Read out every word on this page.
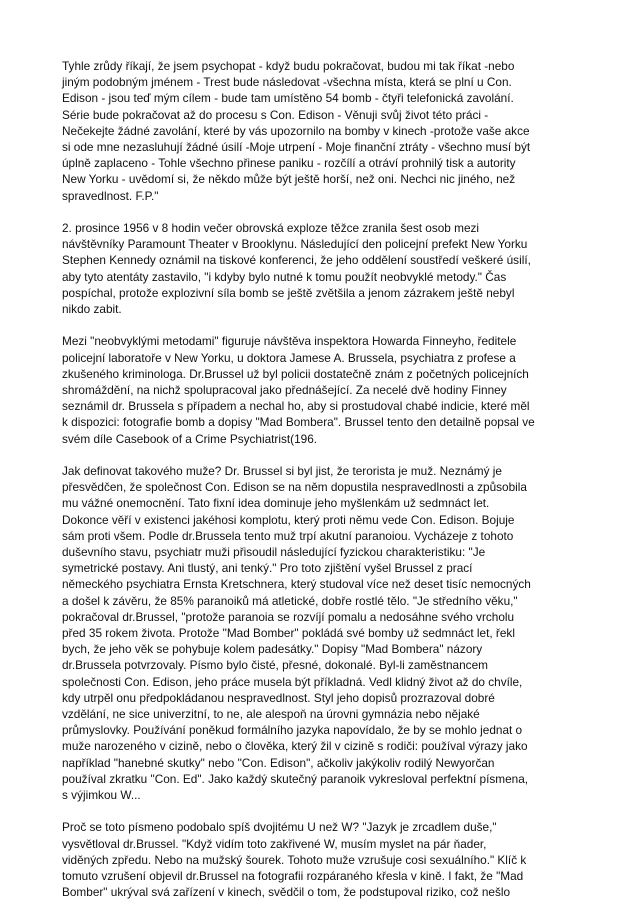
Tyhle zrůdy říkají, že jsem psychopat - když budu pokračovat, budou mi tak říkat -nebo
jiným podobným jménem - Trest bude následovat -všechna místa, která se plní u Con.
Edison - jsou teď mým cílem - bude tam umístěno 54 bomb - čtyři telefonická zavolání.
Série bude pokračovat až do procesu s Con. Edison - Věnuji svůj život této práci -
Nečekejte žádné zavolání, které by vás upozornilo na bomby v kinech -protože vaše akce
si ode mne nezasluhují žádné úsilí -Moje utrpení - Moje finanční ztráty - všechno musí být
úplně zaplaceno - Tohle všechno přinese paniku - rozčílí a otráví prohnilý tisk a autority
New Yorku - uvědomí si, že někdo může být ještě horší, než oni. Nechci nic jiného, než
spravedlnost. F.P."
2. prosince 1956 v 8 hodin večer obrovská exploze těžce zranila šest osob mezi
návštěvníky Paramount Theater v Brooklynu. Následující den policejní prefekt New Yorku
Stephen Kennedy oznámil na tiskové konferenci, že jeho oddělení soustředí veškeré úsilí,
aby tyto atentáty zastavilo, "i kdyby bylo nutné k tomu použít neobvyklé metody." Čas
pospíchal, protože explozivní síla bomb se ještě zvětšila a jenom zázrakem ještě nebyl
nikdo zabit.
Mezi "neobvyklými metodami" figuruje návštěva inspektora Howarda Finneyho, ředitele
policejní laboratoře v New Yorku, u doktora Jamese A. Brussela, psychiatra z profese a
zkušeného kriminologa. Dr.Brussel už byl policii dostatečně znám z početných policejních
shromáždění, na nichž spolupracoval jako přednášející. Za necelé dvě hodiny Finney
seznámil dr. Brussela s případem a nechal ho, aby si prostudoval chabé indicie, které měl
k dispozici: fotografie bomb a dopisy "Mad Bombera". Brussel tento den detailně popsal ve
svém díle Casebook of a Crime Psychiatrist(196.
Jak definovat takového muže? Dr. Brussel si byl jist, že terorista je muž. Neznámý je
přesvědčen, že společnost Con. Edison se na něm dopustila nespravedlnosti a způsobila
mu vážné onemocnění. Tato fixní idea dominuje jeho myšlenkám už sedmnáct let.
Dokonce věří v existenci jakéhosi komplotu, který proti němu vede Con. Edison. Bojuje
sám proti všem. Podle dr.Brussela tento muž trpí akutní paranoiou. Vycházeje z tohoto
duševního stavu, psychiatr muži přisoudil následující fyzickou charakteristiku: "Je
symetrické postavy. Ani tlustý, ani tenký." Pro toto zjištění vyšel Brussel z prací
německého psychiatra Ernsta Kretschnera, který studoval více než deset tisíc nemocných
a došel k závěru, že 85% paranoiků má atletické, dobře rostlé tělo. "Je středního věku,"
pokračoval dr.Brussel, "protože paranoia se rozvíjí pomalu a nedosáhne svého vrcholu
před 35 rokem života. Protože "Mad Bomber" pokládá své bomby už sedmnáct let, řekl
bych, že jeho věk se pohybuje kolem padesátky." Dopisy "Mad Bombera" názory
dr.Brussela potvrzovaly. Písmo bylo čisté, přesné, dokonalé. Byl-li zaměstnancem
společnosti Con. Edison, jeho práce musela být příkladná. Vedl klidný život až do chvíle,
kdy utrpěl onu předpokládanou nespravedlnost. Styl jeho dopisů prozrazoval dobré
vzdělání, ne sice univerzitní, to ne, ale alespoň na úrovni gymnázia nebo nějaké
průmyslovky. Používání poněkud formálního jazyka napovídalo, že by se mohlo jednat o
muže narozeného v cizině, nebo o člověka, který žil v cizině s rodiči: používal výrazy jako
například "hanebné skutky" nebo "Con. Edison", ačkoliv jakýkoliv rodilý Newyorčan
používal zkratku "Con. Ed". Jako každý skutečný paranoik vykresloval perfektní písmena,
s výjimkou W...
Proč se toto písmeno podobalo spíš dvojitému U než W? "Jazyk je zrcadlem duše,"
vysvětloval dr.Brussel. "Když vidím toto zakřivené W, musím myslet na pár ňader,
viděných zpředu. Nebo na mužský šourek. Tohoto muže vzrušuje cosi sexuálního." Klíč k
tomuto vzrušení objevil dr.Brussel na fotografii rozpáraného křesla v kině. I fakt, že "Mad
Bomber" ukrýval svá zařízení v kinech, svědčil o tom, že podstupoval riziko, což nešlo
